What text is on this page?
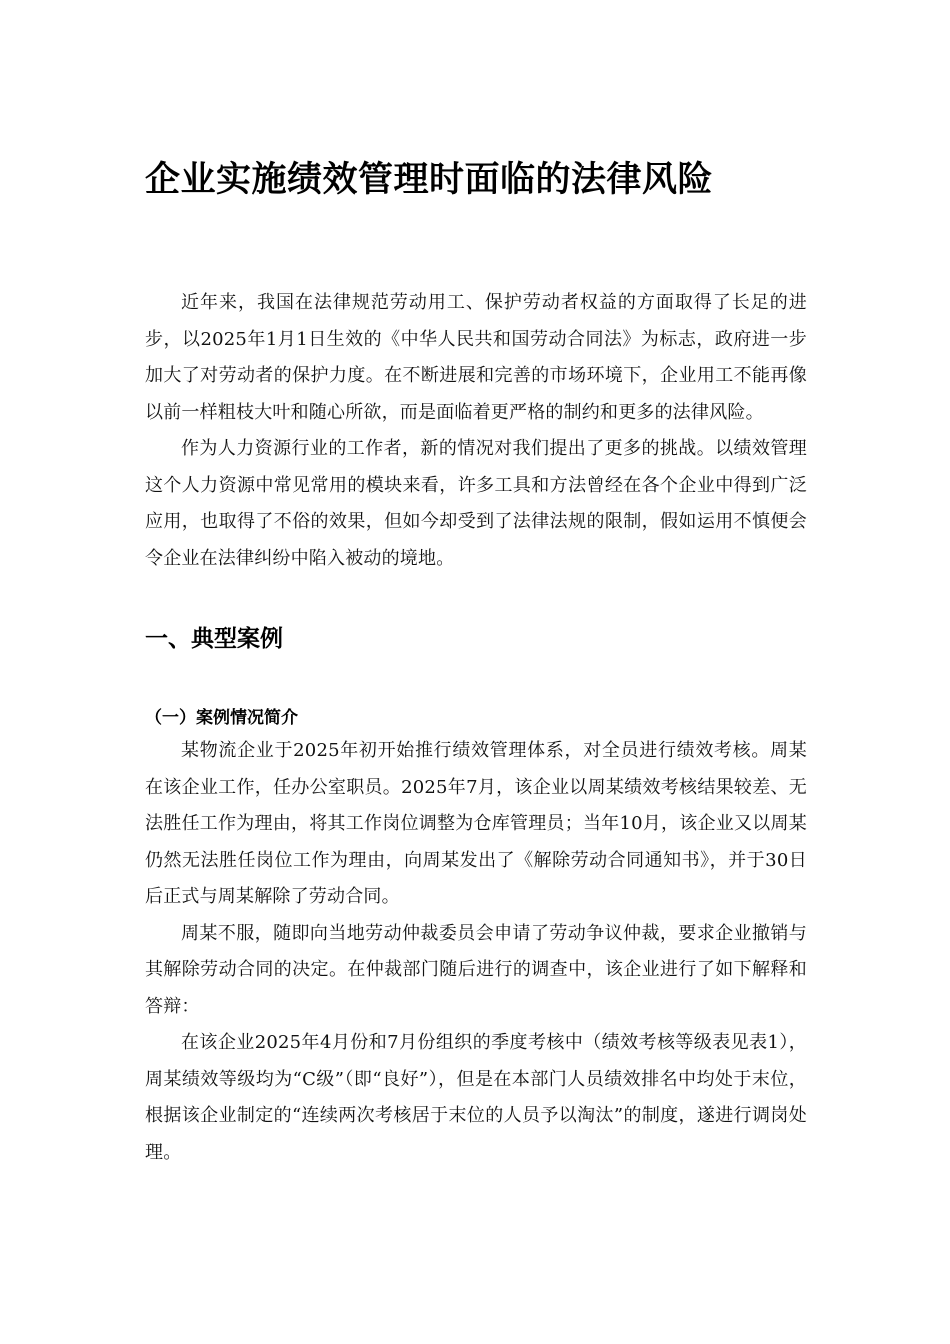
企业实施绩效管理时面临的法律风险

近年来，我国在法律规范劳动用工、保护劳动者权益的方面取得了长足的进步，以2025年1月1日生效的《中华人民共和国劳动合同法》为标志，政府进一步加大了对劳动者的保护力度。在不断进展和完善的市场环境下，企业用工不能再像以前一样粗枝大叶和随心所欲，而是面临着更严格的制约和更多的法律风险。

作为人力资源行业的工作者，新的情况对我们提出了更多的挑战。以绩效管理这个人力资源中常见常用的模块来看，许多工具和方法曾经在各个企业中得到广泛应用，也取得了不俗的效果，但如今却受到了法律法规的限制，假如运用不慎便会令企业在法律纠纷中陷入被动的境地。

一、典型案例
（一）案例情况简介

某物流企业于2025年初开始推行绩效管理体系，对全员进行绩效考核。周某在该企业工作，任办公室职员。2025年7月，该企业以周某绩效考核结果较差、无法胜任工作为理由，将其工作岗位调整为仓库管理员；当年10月，该企业又以周某仍然无法胜任岗位工作为理由，向周某发出了《解除劳动合同通知书》，并于30日后正式与周某解除了劳动合同。

周某不服，随即向当地劳动仲裁委员会申请了劳动争议仲裁，要求企业撤销与其解除劳动合同的决定。在仲裁部门随后进行的调查中，该企业进行了如下解释和答辩：

在该企业2025年4月份和7月份组织的季度考核中（绩效考核等级表见表1），周某绩效等级均为“C级”（即“良好”），但是在本部门人员绩效排名中均处于末位，根据该企业制定的“连续两次考核居于末位的人员予以淘汰”的制度，遂进行调岗处理。
